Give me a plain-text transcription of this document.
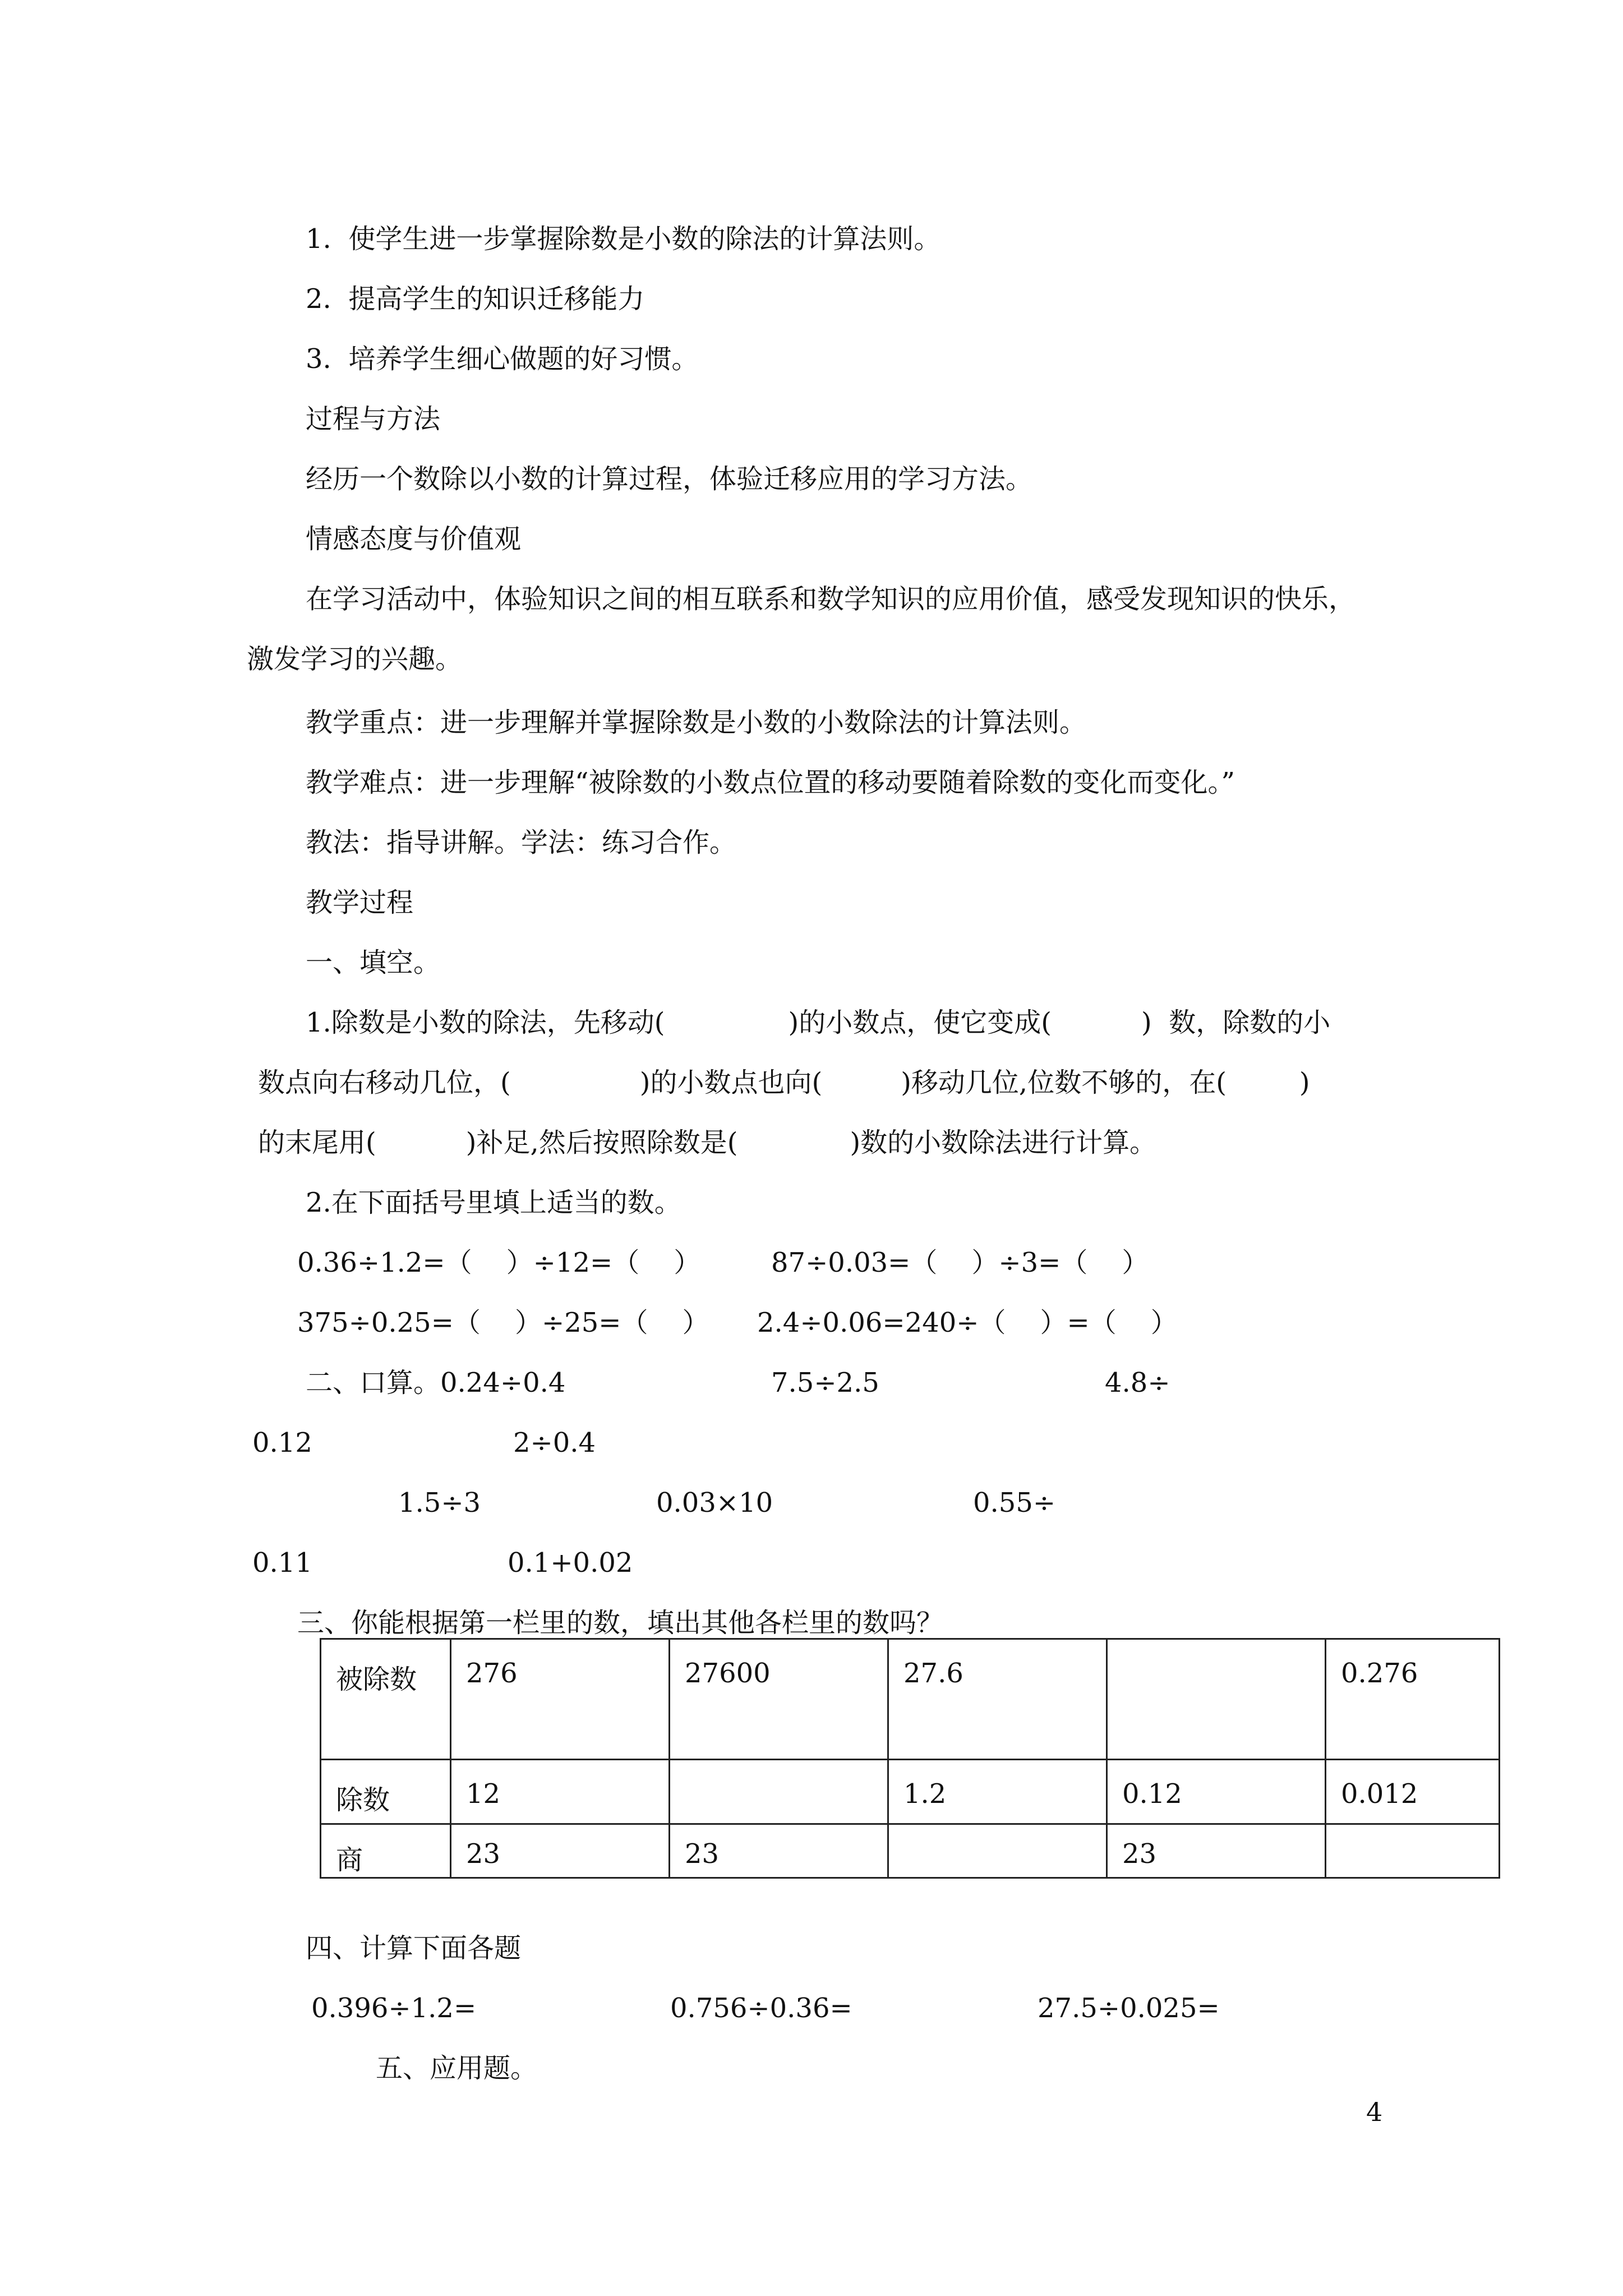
1.  使学生进一步掌握除数是小数的除法的计算法则。

2.  提高学生的知识迁移能力

3.  培养学生细心做题的好习惯。

过程与方法

经历一个数除以小数的计算过程，体验迁移应用的学习方法。

情感态度与价值观

在学习活动中，体验知识之间的相互联系和数学知识的应用价值，感受发现知识的快乐，

激发学习的兴趣。

教学重点：进一步理解并掌握除数是小数的小数除法的计算法则。

教学难点：进一步理解“被除数的小数点位置的移动要随着除数的变化而变化。”

教法：指导讲解。学法：练习合作。

教学过程

一、填空。

1.除数是小数的除法，先移动(	)的小数点，使它变成(	)  数，除数的小

数点向右移动几位，(	)的小数点也向(	)移动几位,位数不够的，在(	)

的末尾用(	)补足,然后按照除数是(	)数的小数除法进行计算。

2.在下面括号里填上适当的数。

0.36÷1.2=（    ）÷12=（    ）	87÷0.03=（    ）÷3=（    ）

375÷0.25=（    ）÷25=（    ） 2.4÷0.06=240÷（    ）=（    ）

二、口算。0.24÷0.4	7.5÷2.5	4.8÷

0.12	2÷0.4

1.5÷3	0.03×10	0.55÷

0.11	0.1+0.02

三、你能根据第一栏里的数，填出其他各栏里的数吗？

被除数	276	27600	27.6		0.276
除数	12		1.2	0.12	0.012
商	23	23		23	

四、计算下面各题

0.396÷1.2=	0.756÷0.36=	27.5÷0.025=

五、应用题。

4
